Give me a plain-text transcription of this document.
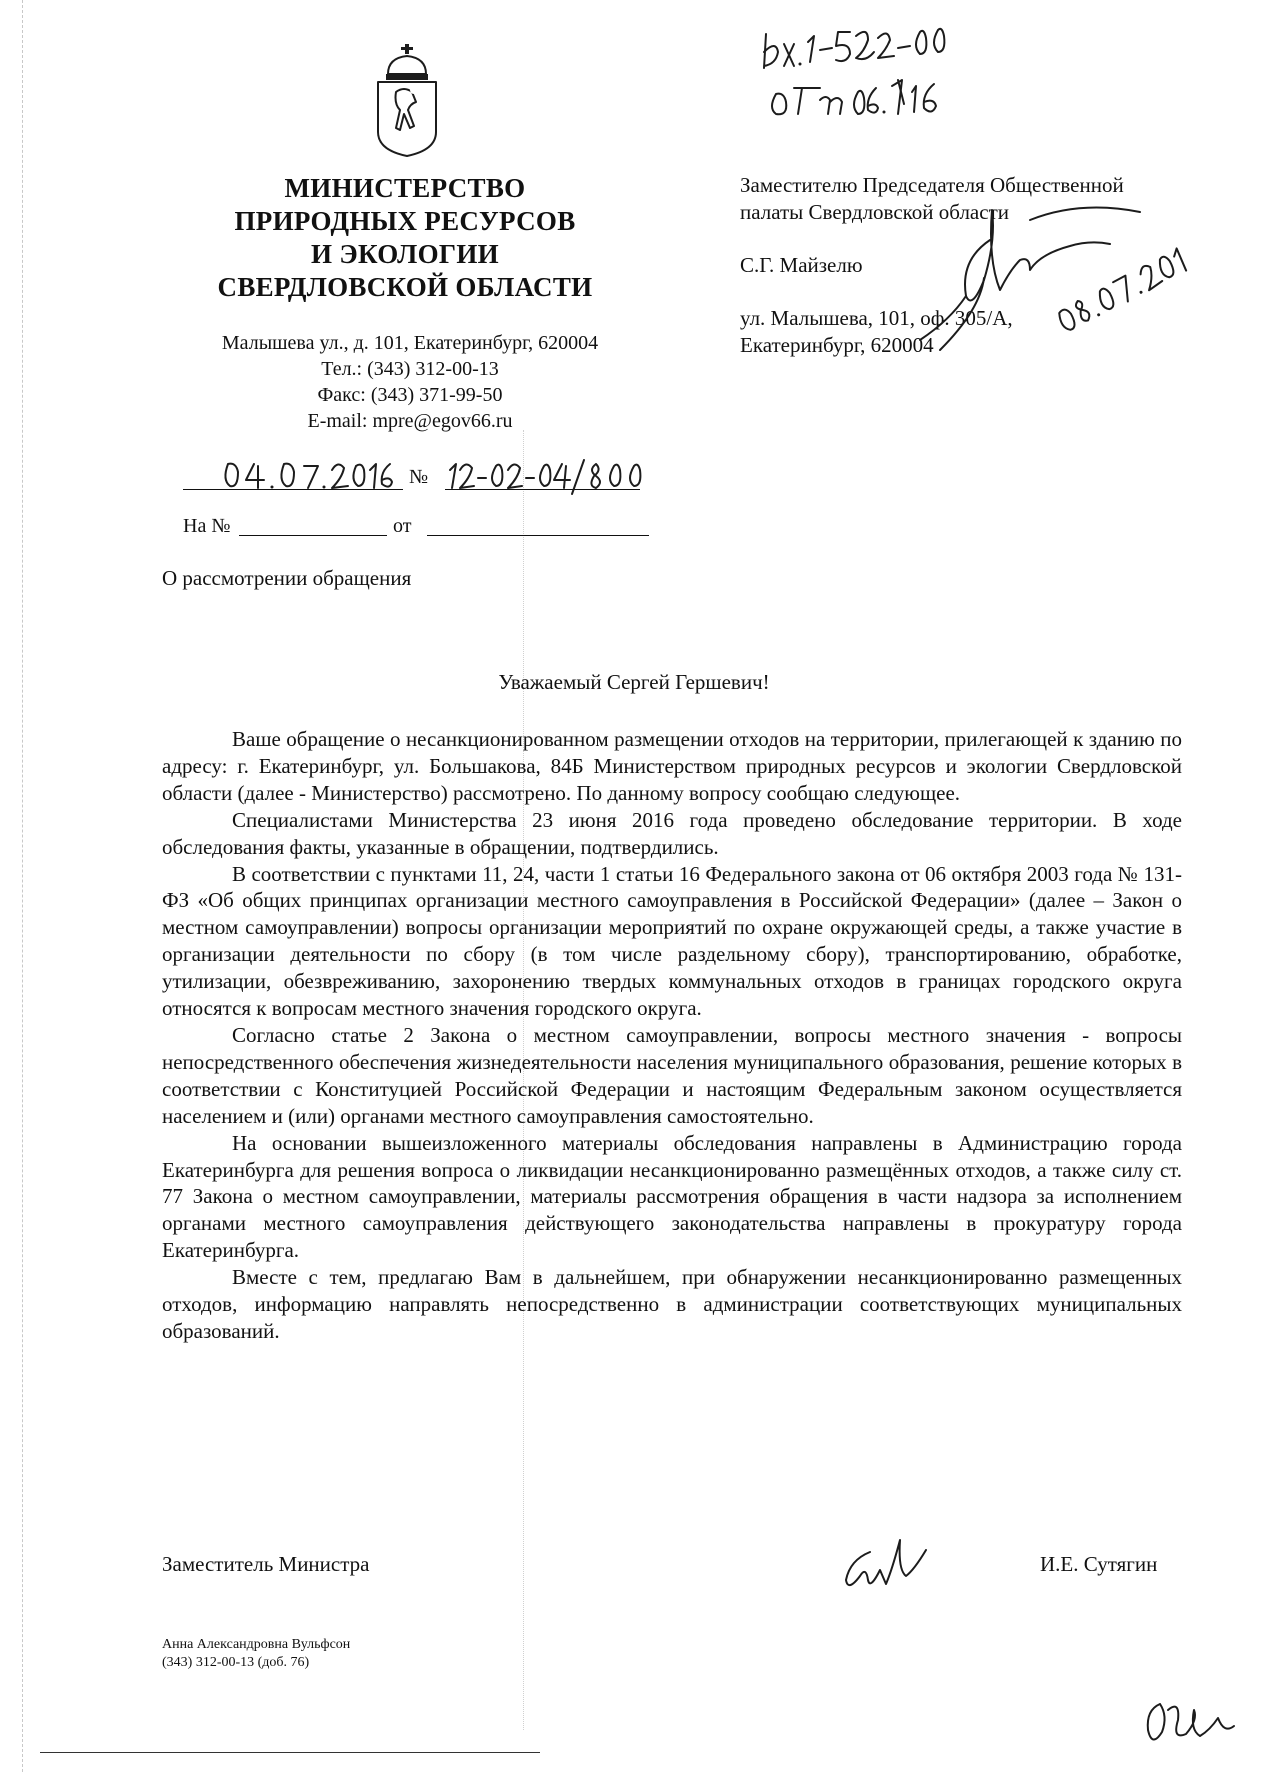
МИНИСТЕРСТВО
ПРИРОДНЫХ РЕСУРСОВ
И ЭКОЛОГИИ
СВЕРДЛОВСКОЙ ОБЛАСТИ
Малышева ул., д. 101, Екатеринбург, 620004
Тел.: (343) 312-00-13
Факс: (343) 371-99-50
E-mail: mpre@egov66.ru
№
На №	от

Заместителю Председателя Общественной

палаты Свердловской области

С.Г. Майзелю

ул. Малышева, 101, оф. 305/А,

Екатеринбург, 620004

О рассмотрении обращения
Уважаемый Сергей Гершевич!

Ваше обращение о несанкционированном размещении отходов на территории, прилегающей к зданию по адресу: г. Екатеринбург, ул. Большакова, 84Б Министерством природных ресурсов и экологии Свердловской области (далее - Министерство) рассмотрено. По данному вопросу сообщаю следующее.

Специалистами Министерства 23 июня 2016 года проведено обследование территории. В ходе обследования факты, указанные в обращении, подтвердились.

В соответствии с пунктами 11, 24, части 1 статьи 16 Федерального закона от 06 октября 2003 года № 131-ФЗ «Об общих принципах организации местного самоуправления в Российской Федерации» (далее – Закон о местном самоуправлении) вопросы организации мероприятий по охране окружающей среды, а также участие в организации деятельности по сбору (в том числе раздельному сбору), транспортированию, обработке, утилизации, обезвреживанию, захоронению твердых коммунальных отходов в границах городского округа относятся к вопросам местного значения городского округа.

Согласно статье 2 Закона о местном самоуправлении, вопросы местного значения - вопросы непосредственного обеспечения жизнедеятельности населения муниципального образования, решение которых в соответствии с Конституцией Российской Федерации и настоящим Федеральным законом осуществляется населением и (или) органами местного самоуправления самостоятельно.

На основании вышеизложенного материалы обследования направлены в Администрацию города Екатеринбурга для решения вопроса о ликвидации несанкционированно размещённых отходов, а также силу ст. 77 Закона о местном самоуправлении, материалы рассмотрения обращения в части надзора за исполнением органами местного самоуправления действующего законодательства направлены в прокуратуру города Екатеринбурга.

Вместе с тем, предлагаю Вам в дальнейшем, при обнаружении несанкционированно размещенных отходов, информацию направлять непосредственно в администрации соответствующих муниципальных образований.

Заместитель Министра	И.Е. Сутягин
Анна Александровна Вульфсон
(343) 312-00-13 (доб. 76)
